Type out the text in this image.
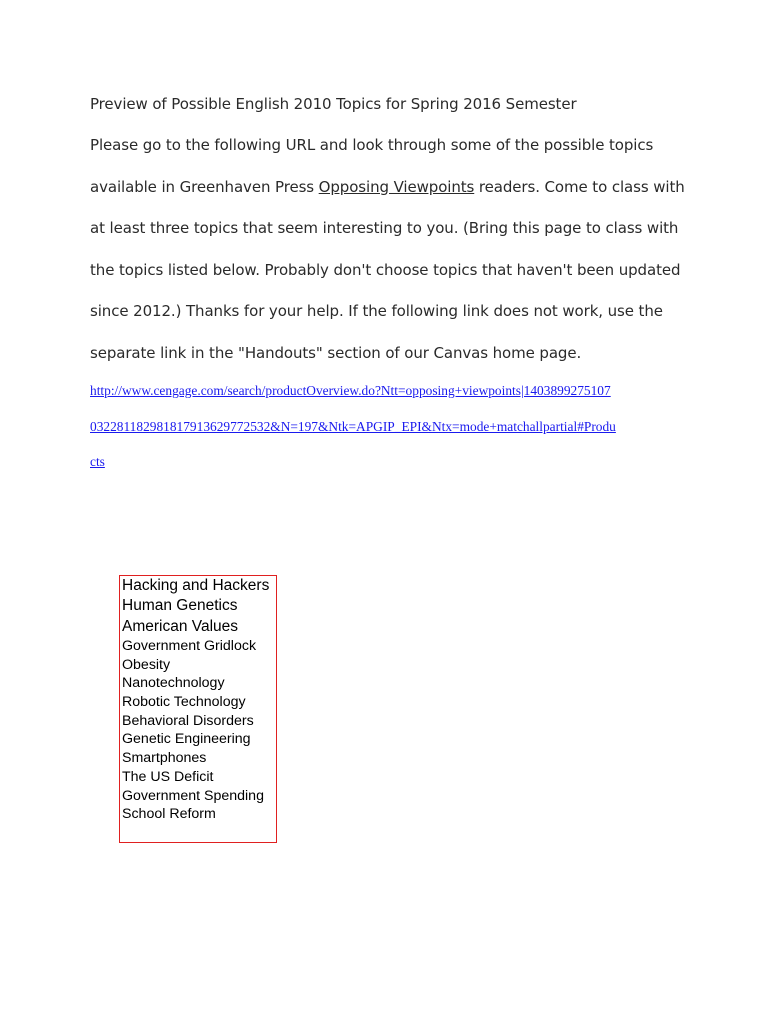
Preview of Possible English 2010 Topics for Spring 2016 Semester
Please go to the following URL and look through some of the possible topics
available in Greenhaven Press Opposing Viewpoints readers. Come to class with
at least three topics that seem interesting to you. (Bring this page to class with
the topics listed below. Probably don't choose topics that haven't been updated
since 2012.) Thanks for your help. If the following link does not work, use the
separate link in the "Handouts" section of our Canvas home page.
http://www.cengage.com/search/productOverview.do?Ntt=opposing+viewpoints|1403899275107
032281182981817913629772532&N=197&Ntk=APGIP_EPI&Ntx=mode+matchallpartial#Produ
cts
Hacking and Hackers
Human Genetics
American Values
Government Gridlock
Obesity
Nanotechnology
Robotic Technology
Behavioral Disorders
Genetic Engineering
Smartphones
The US Deficit
Government Spending
School Reform
